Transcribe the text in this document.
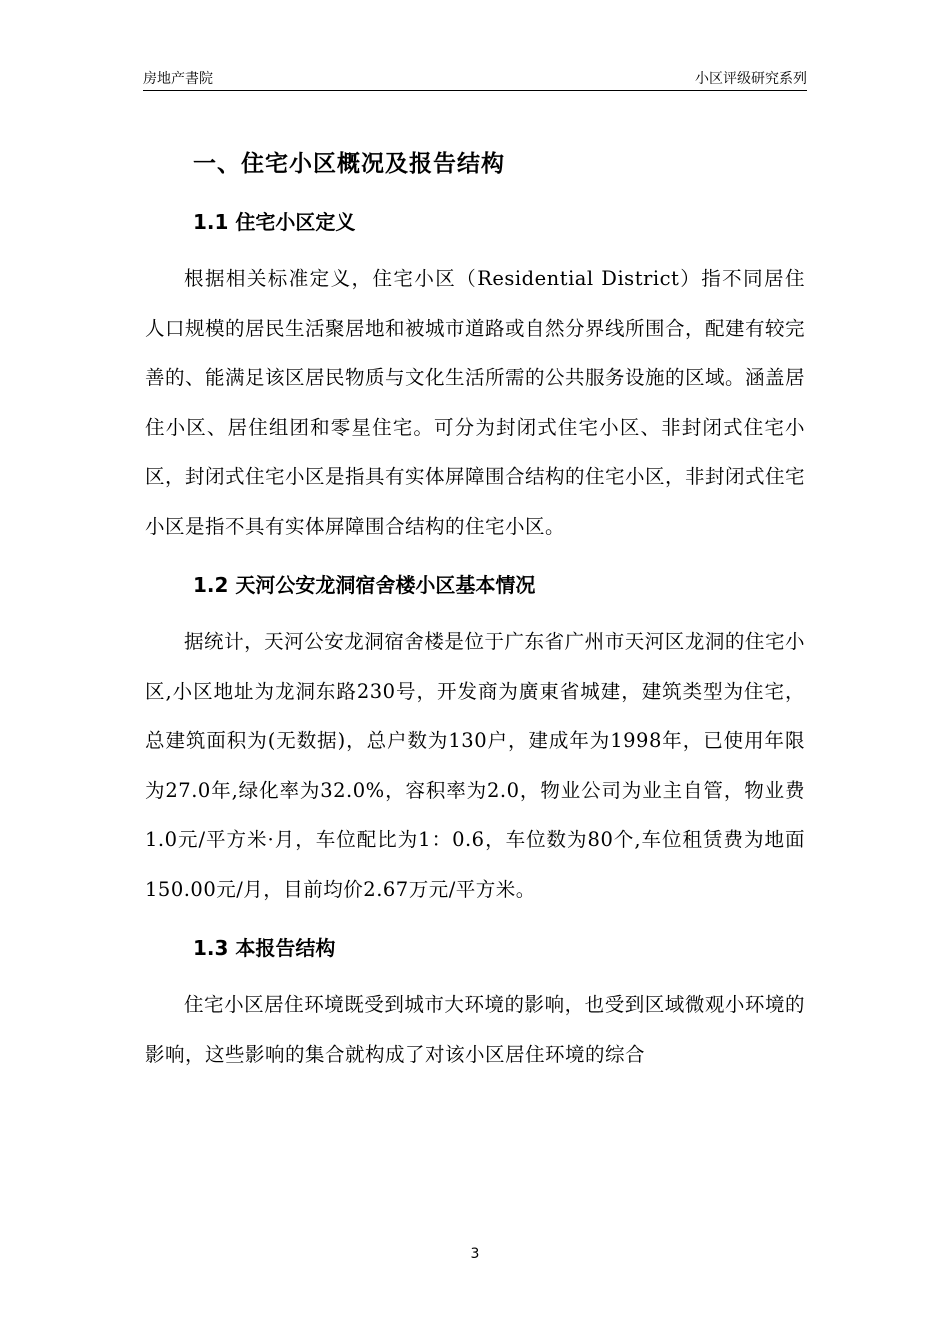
房地产書院	小区评级研究系列
一、住宅小区概况及报告结构
1.1 住宅小区定义

根据相关标准定义，住宅小区（Residential District）指不同居住人口规模的居民生活聚居地和被城市道路或自然分界线所围合，配建有较完善的、能满足该区居民物质与文化生活所需的公共服务设施的区域。涵盖居住小区、居住组团和零星住宅。可分为封闭式住宅小区、非封闭式住宅小区，封闭式住宅小区是指具有实体屏障围合结构的住宅小区，非封闭式住宅小区是指不具有实体屏障围合结构的住宅小区。

1.2 天河公安龙洞宿舍楼小区基本情况

据统计，天河公安龙洞宿舍楼是位于广东省广州市天河区龙洞的住宅小区,小区地址为龙洞东路230号，开发商为廣東省城建，建筑类型为住宅，总建筑面积为(无数据)，总户数为130户，建成年为1998年，已使用年限为27.0年,绿化率为32.0%，容积率为2.0，物业公司为业主自管，物业费1.0元/平方米·月，车位配比为1：0.6，车位数为80个,车位租赁费为地面150.00元/月，目前均价2.67万元/平方米。

1.3 本报告结构

住宅小区居住环境既受到城市大环境的影响，也受到区域微观小环境的影响，这些影响的集合就构成了对该小区居住环境的综合

3
